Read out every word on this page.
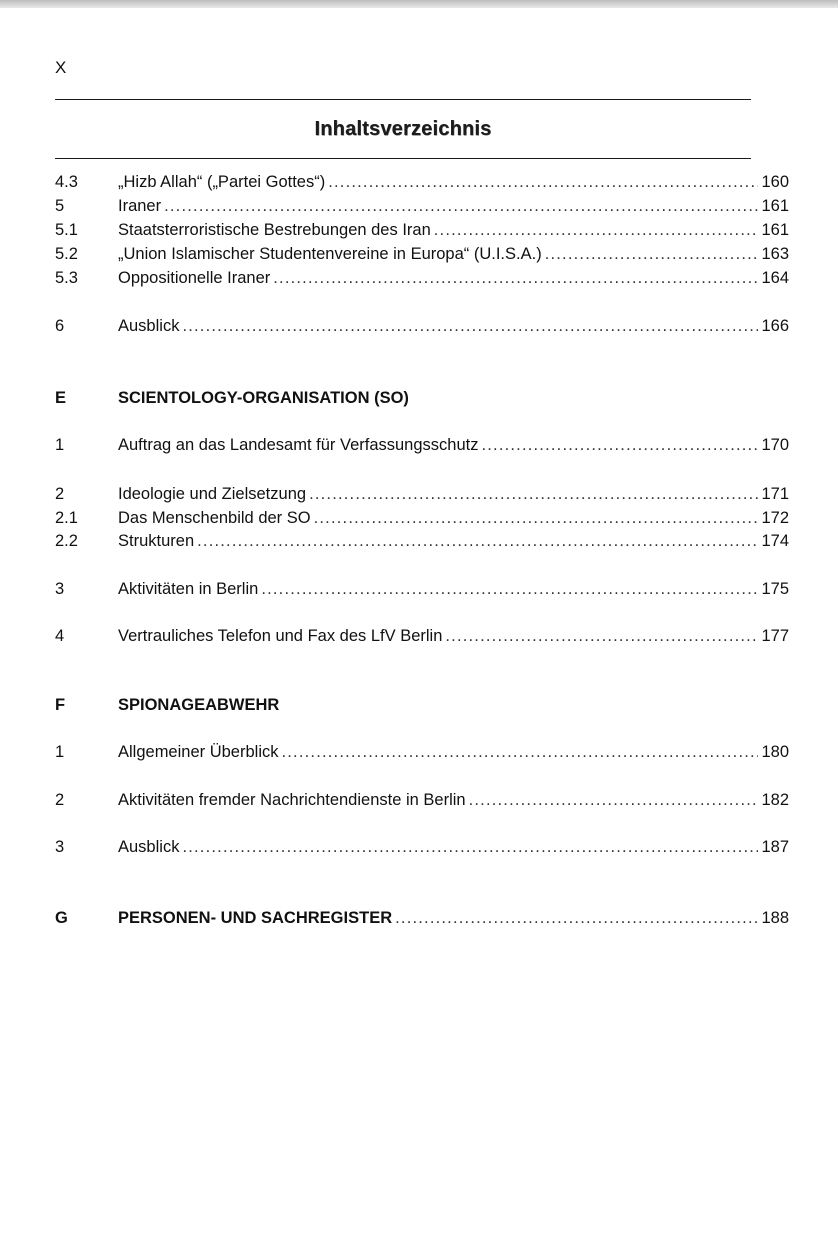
X
Inhaltsverzeichnis
4.3	„Hizb Allah“ („Partei Gottes“) .....	160
5	Iraner .....	161
5.1	Staatsterroristische Bestrebungen des Iran .....	161
5.2	„Union Islamischer Studentenvereine in Europa“ (U.I.S.A.) .....	163
5.3	Oppositionelle Iraner .....	164
6	Ausblick .....	166
E	SCIENTOLOGY-ORGANISATION (SO)
1	Auftrag an das Landesamt für Verfassungsschutz .....	170
2	Ideologie und Zielsetzung .....	171
2.1	Das Menschenbild der SO .....	172
2.2	Strukturen .....	174
3	Aktivitäten in Berlin .....	175
4	Vertrauliches Telefon und Fax des LfV Berlin .....	177
F	SPIONAGEABWEHR
1	Allgemeiner Überblick .....	180
2	Aktivitäten fremder Nachrichtendienste in Berlin .....	182
3	Ausblick .....	187
G	PERSONEN- UND SACHREGISTER .....	188
